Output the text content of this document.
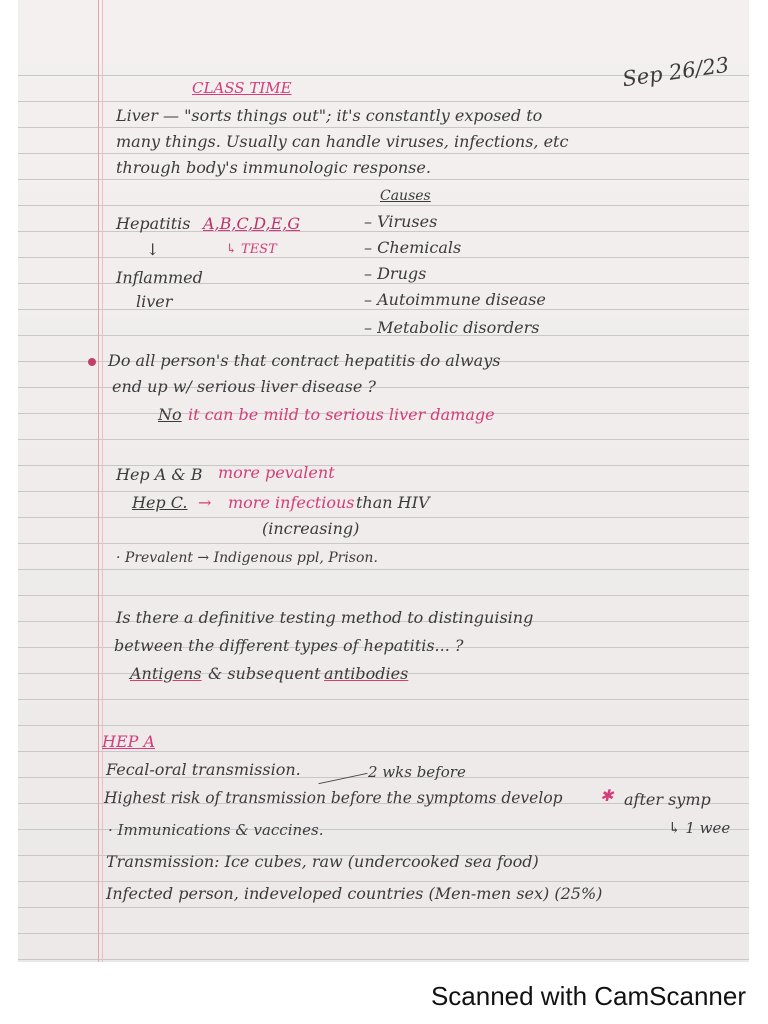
CLASS TIME	Sep 26/23
Liver — "sorts things out"; it's constantly exposed to
many things. Usually can handle viruses, infections, etc
through body's immunologic response.
Hepatitis A,B,C,D,E,G
↓	↳ TEST
Inflammed
liver
Causes
– Viruses
– Chemicals
– Drugs
– Autoimmune disease
– Metabolic disorders
Do all person's that contract hepatitis do always
end up w/ serious liver disease ?
No it can be mild to serious liver damage
Hep A & B more pevalent
Hep C. → more infectious than HIV
(increasing)
· Prevalent → Indigenous ppl, Prison.
Is there a definitive testing method to distinguising
between the different types of hepatitis... ?
Antigens & subsequent antibodies
HEP A
Fecal-oral transmission.	2 wks before
Highest risk of transmission before the symptoms develop ✱ after symp
↳ 1 wee
· Immunications & vaccines.
Transmission: Ice cubes, raw (undercooked sea food)
Infected person, indeveloped countries (Men-men sex) (25%)
Scanned with CamScanner
